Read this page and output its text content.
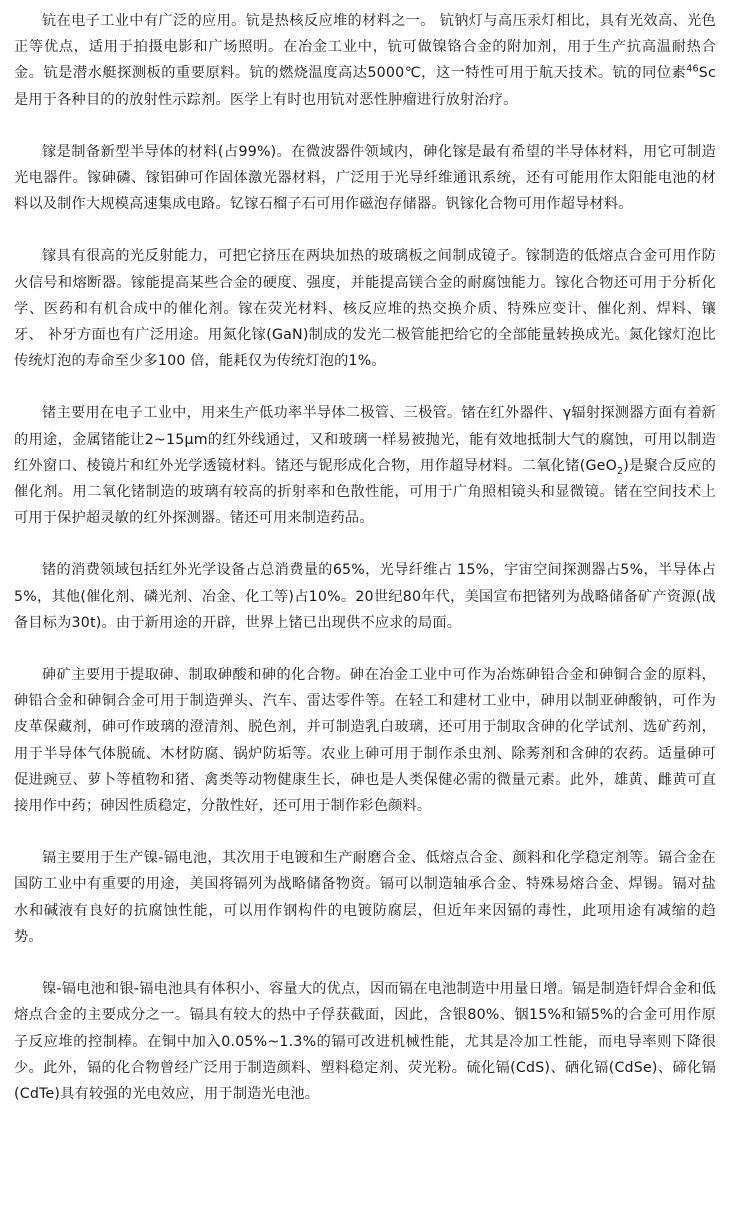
钪在电子工业中有广泛的应用。钪是热核反应堆的材料之一。 钪钠灯与高压汞灯相比，具有光效高、光色正等优点，适用于拍摄电影和广场照明。在冶金工业中，钪可做镍铬合金的附加剂，用于生产抗高温耐热合金。钪是潜水艇探测板的重要原料。钪的燃烧温度高达5000℃，这一特性可用于航天技术。钪的同位素$^{46}$Sc 是用于各种目的的放射性示踪剂。医学上有时也用钪对恶性肿瘤进行放射治疗。

镓是制备新型半导体的材料(占99%)。在微波器件领域内，砷化镓是最有希望的半导体材料，用它可制造光电器件。镓砷磷、镓铝砷可作固体激光器材料，广泛用于光导纤维通讯系统，还有可能用作太阳能电池的材料以及制作大规模高速集成电路。钇镓石榴子石可用作磁泡存储器。钒镓化合物可用作超导材料。

镓具有很高的光反射能力，可把它挤压在两块加热的玻璃板之间制成镜子。镓制造的低熔点合金可用作防火信号和熔断器。镓能提高某些合金的硬度、强度，并能提高镁合金的耐腐蚀能力。镓化合物还可用于分析化学、医药和有机合成中的催化剂。镓在荧光材料、核反应堆的热交换介质、特殊应变计、催化剂、焊料、镶牙、 补牙方面也有广泛用途。用氮化镓(GaN)制成的发光二极管能把给它的全部能量转换成光。氮化镓灯泡比传统灯泡的寿命至少多100 倍，能耗仅为传统灯泡的1%。

锗主要用在电子工业中，用来生产低功率半导体二极管、三极管。锗在红外器件、γ辐射探测器方面有着新的用途，金属锗能让2~15μm的红外线通过，又和玻璃一样易被抛光，能有效地抵制大气的腐蚀，可用以制造红外窗口、棱镜片和红外光学透镜材料。锗还与铌形成化合物，用作超导材料。二氧化锗(GeO$_2$)是聚合反应的催化剂。用二氧化锗制造的玻璃有较高的折射率和色散性能，可用于广角照相镜头和显微镜。锗在空间技术上可用于保护超灵敏的红外探测器。锗还可用来制造药品。

锗的消费领域包括红外光学设备占总消费量的65%，光导纤维占 15%，宇宙空间探测器占5%，半导体占5%，其他(催化剂、磷光剂、冶金、化工等)占10%。20世纪80年代，美国宣布把锗列为战略储备矿产资源(战备目标为30t)。由于新用途的开辟，世界上锗已出现供不应求的局面。

砷矿主要用于提取砷、制取砷酸和砷的化合物。砷在冶金工业中可作为冶炼砷铅合金和砷铜合金的原料，砷铅合金和砷铜合金可用于制造弹头、汽车、雷达零件等。在轻工和建材工业中，砷用以制亚砷酸钠，可作为皮革保藏剂，砷可作玻璃的澄清剂、脱色剂，并可制造乳白玻璃，还可用于制取含砷的化学试剂、选矿药剂，用于半导体气体脱硫、木材防腐、锅炉防垢等。农业上砷可用于制作杀虫剂、除莠剂和含砷的农药。适量砷可促进豌豆、萝卜等植物和猪、禽类等动物健康生长，砷也是人类保健必需的微量元素。此外，雄黄、雌黄可直接用作中药；砷因性质稳定，分散性好，还可用于制作彩色颜料。

镉主要用于生产镍-镉电池，其次用于电镀和生产耐磨合金、低熔点合金、颜料和化学稳定剂等。镉合金在国防工业中有重要的用途，美国将镉列为战略储备物资。镉可以制造轴承合金、特殊易熔合金、焊锡。镉对盐水和碱液有良好的抗腐蚀性能，可以用作钢构件的电镀防腐层，但近年来因镉的毒性，此项用途有减缩的趋势。

镍-镉电池和银-镉电池具有体积小、容量大的优点，因而镉在电池制造中用量日增。镉是制造钎焊合金和低熔点合金的主要成分之一。镉具有较大的热中子俘获截面，因此，含银80%、铟15%和镉5%的合金可用作原子反应堆的控制棒。在铜中加入0.05%~1.3%的镉可改进机械性能，尤其是冷加工性能，而电导率则下降很少。此外，镉的化合物曾经广泛用于制造颜料、塑料稳定剂、荧光粉。硫化镉(CdS)、硒化镉(CdSe)、碲化镉(CdTe)具有较强的光电效应，用于制造光电池。
